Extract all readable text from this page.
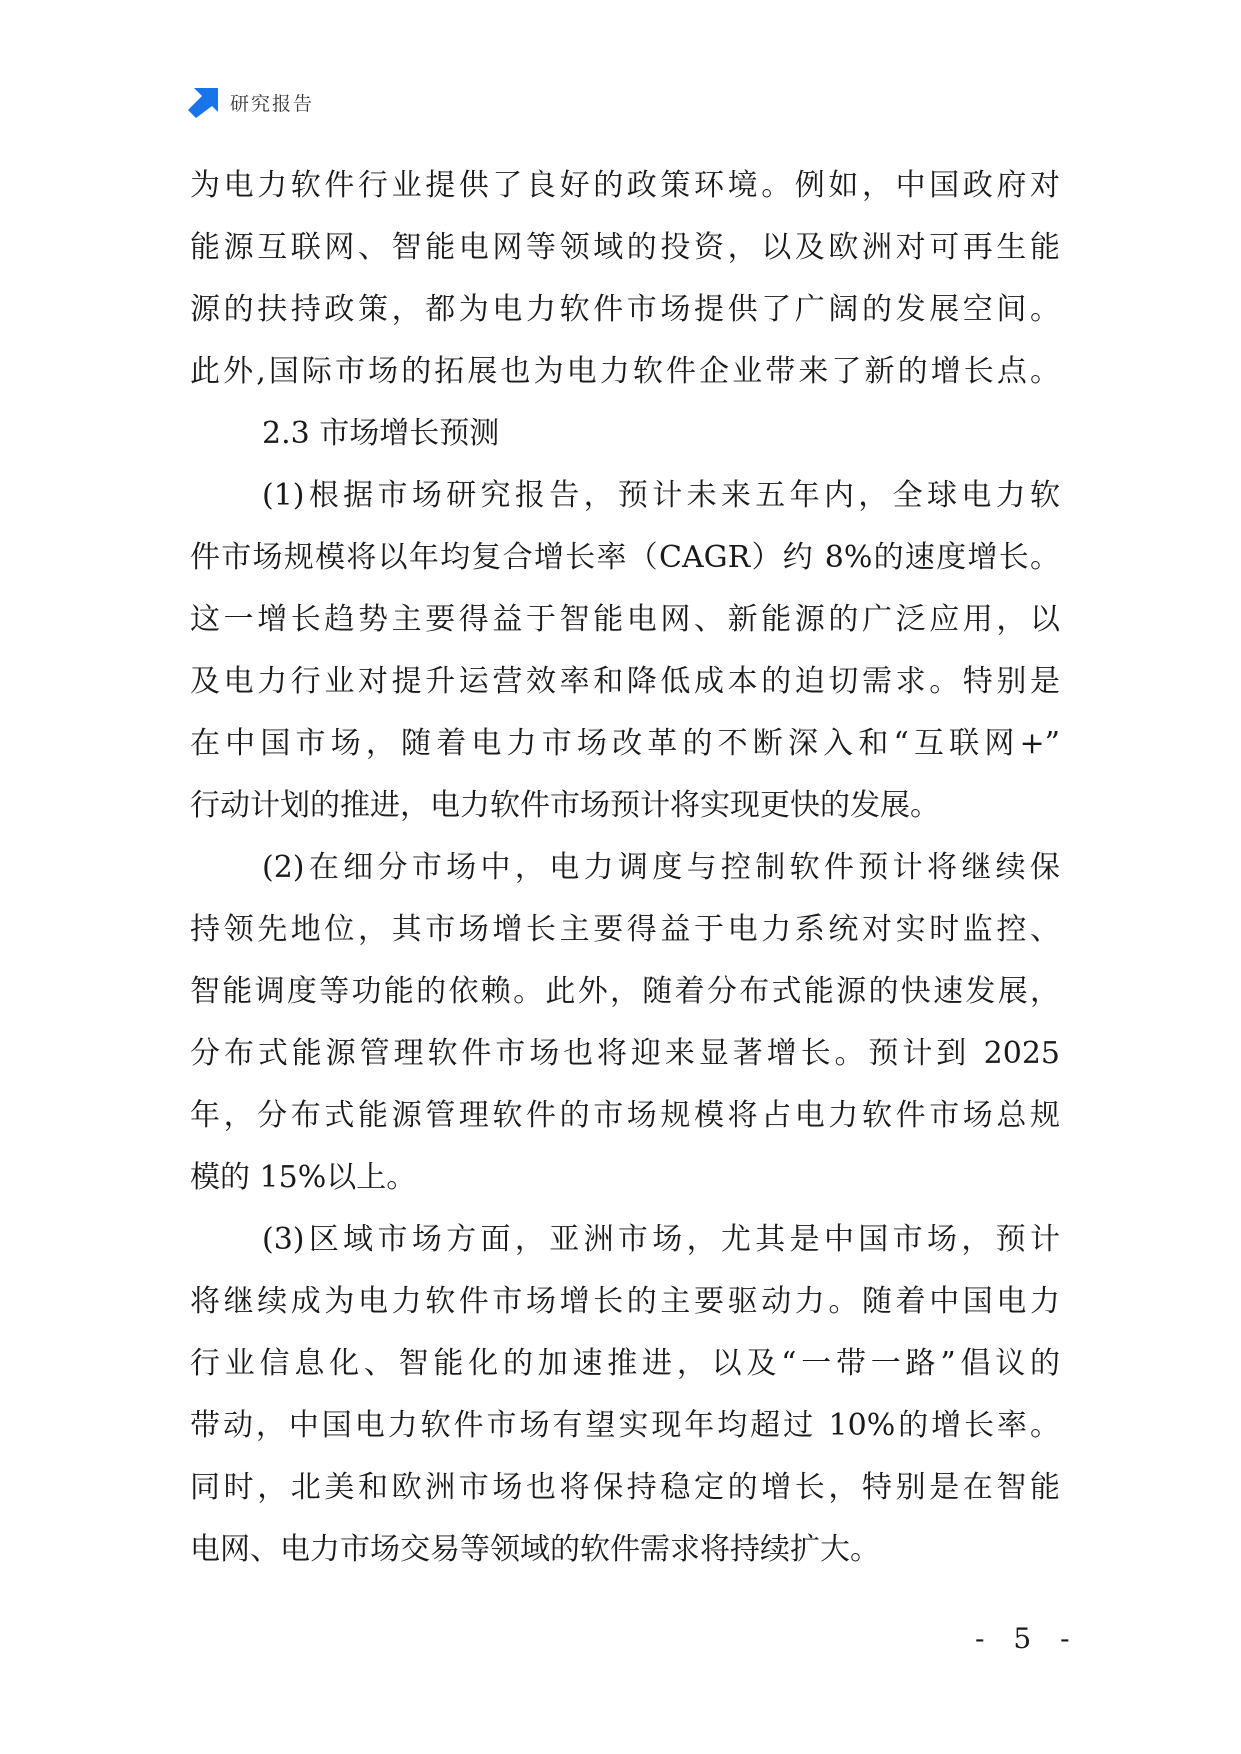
研究报告
为电力软件行业提供了良好的政策环境。例如，中国政府对
能源互联网、智能电网等领域的投资，以及欧洲对可再生能
源的扶持政策，都为电力软件市场提供了广阔的发展空间。
此外,国际市场的拓展也为电力软件企业带来了新的增长点。
2.3 市场增长预测
(1)根据市场研究报告，预计未来五年内，全球电力软
件市场规模将以年均复合增长率（CAGR）约 8%的速度增长。
这一增长趋势主要得益于智能电网、新能源的广泛应用，以
及电力行业对提升运营效率和降低成本的迫切需求。特别是
在中国市场，随着电力市场改革的不断深入和“互联网+”
行动计划的推进，电力软件市场预计将实现更快的发展。
(2)在细分市场中，电力调度与控制软件预计将继续保
持领先地位，其市场增长主要得益于电力系统对实时监控、
智能调度等功能的依赖。此外，随着分布式能源的快速发展，
分布式能源管理软件市场也将迎来显著增长。预计到 2025
年，分布式能源管理软件的市场规模将占电力软件市场总规
模的 15%以上。
(3)区域市场方面，亚洲市场，尤其是中国市场，预计
将继续成为电力软件市场增长的主要驱动力。随着中国电力
行业信息化、智能化的加速推进，以及“一带一路”倡议的
带动，中国电力软件市场有望实现年均超过 10%的增长率。
同时，北美和欧洲市场也将保持稳定的增长，特别是在智能
电网、电力市场交易等领域的软件需求将持续扩大。
- 5 -
